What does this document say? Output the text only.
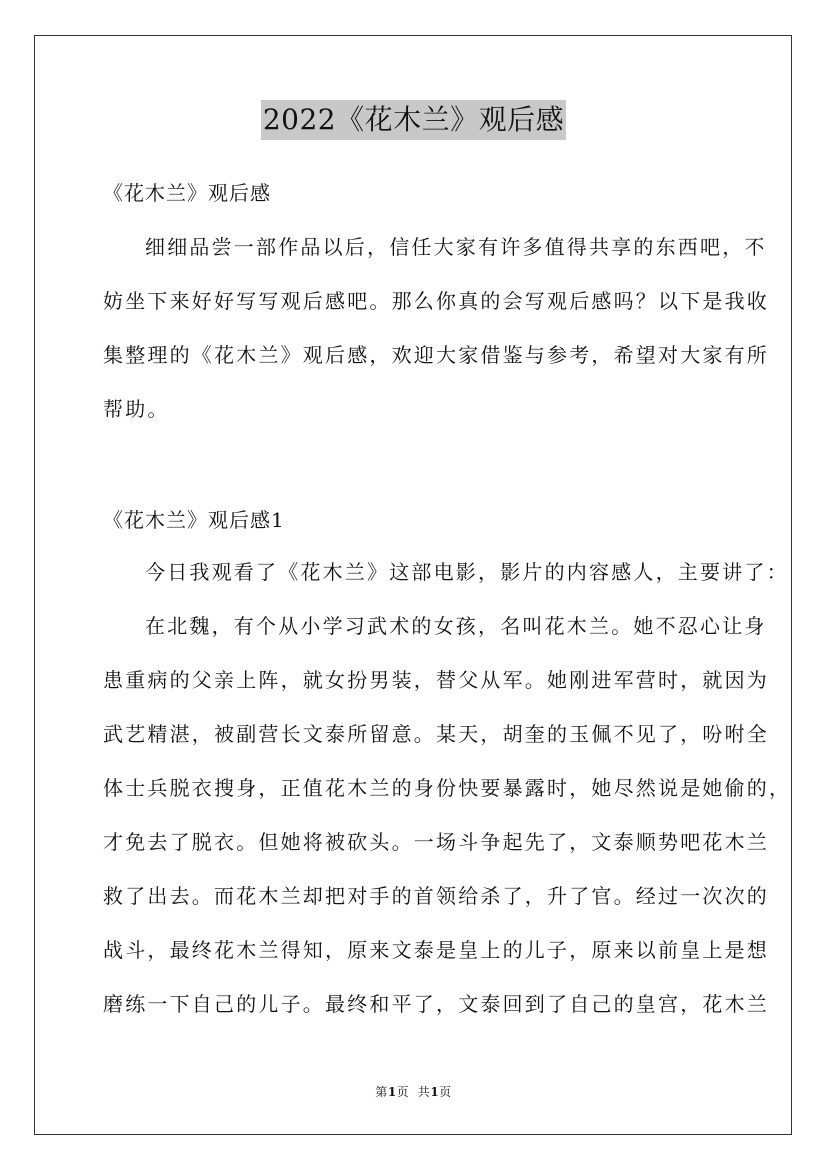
2022《花木兰》观后感
《花木兰》观后感
细细品尝一部作品以后，信任大家有许多值得共享的东西吧，不
妨坐下来好好写写观后感吧。那么你真的会写观后感吗？以下是我收
集整理的《花木兰》观后感，欢迎大家借鉴与参考，希望对大家有所
帮助。
《花木兰》观后感1
今日我观看了《花木兰》这部电影，影片的内容感人，主要讲了：
在北魏，有个从小学习武术的女孩，名叫花木兰。她不忍心让身
患重病的父亲上阵，就女扮男装，替父从军。她刚进军营时，就因为
武艺精湛，被副营长文泰所留意。某天，胡奎的玉佩不见了，吩咐全
体士兵脱衣搜身，正值花木兰的身份快要暴露时，她尽然说是她偷的，
才免去了脱衣。但她将被砍头。一场斗争起先了，文泰顺势吧花木兰
救了出去。而花木兰却把对手的首领给杀了，升了官。经过一次次的
战斗，最终花木兰得知，原来文泰是皇上的儿子，原来以前皇上是想
磨练一下自己的儿子。最终和平了，文泰回到了自己的皇宫，花木兰
第1页  共1页
